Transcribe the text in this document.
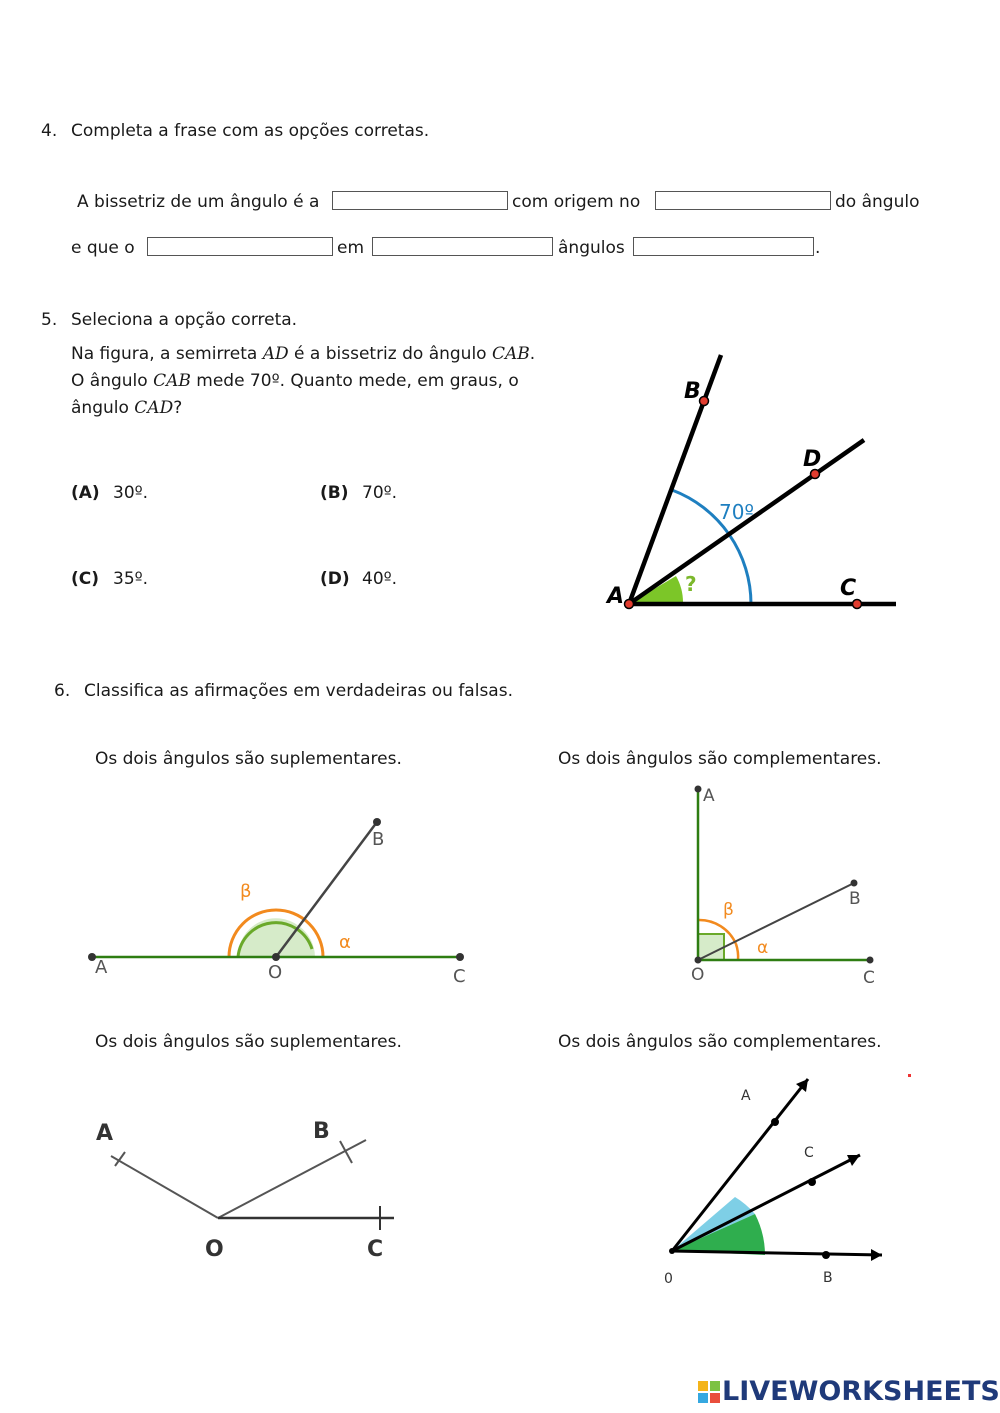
4. Completa a frase com as opções corretas.
A bissetriz de um ângulo é a	com origem no	do ângulo
e que o	em	ângulos	.
5. Seleciona a opção correta.
Na figura, a semirreta AD é a bissetriz do ângulo CAB.
O ângulo CAB mede 70º. Quanto mede, em graus, o
ângulo CAD?
(A) 30º.	(B) 70º.
(C) 35º.	(D) 40º.
B
D
A	C
70º
?
6. Classifica as afirmações em verdadeiras ou falsas.
Os dois ângulos são suplementares.	Os dois ângulos são complementares.
Os dois ângulos são suplementares.	Os dois ângulos são complementares.
A	O	C
B
β
α
A
O	C
B
β
α
A	B
O	C
A
C
0	B
LIVEWORKSHEETS
